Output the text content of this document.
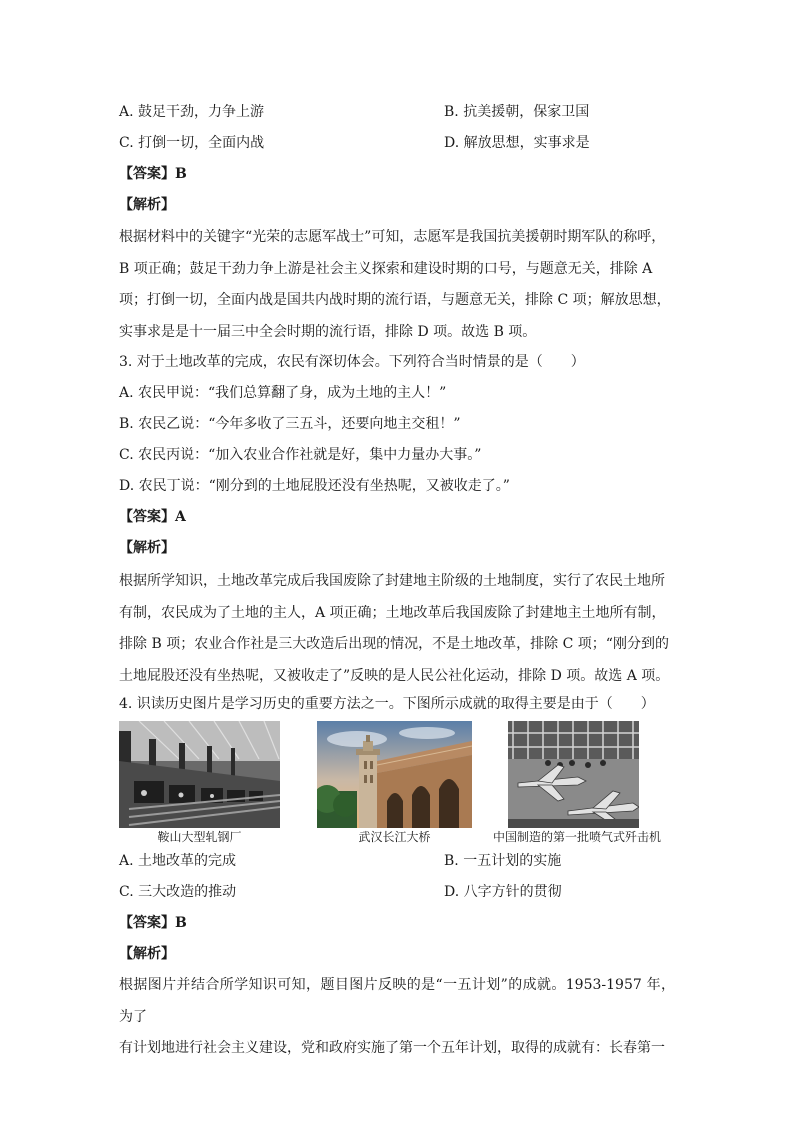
A. 鼓足干劲，力争上游	B. 抗美援朝，保家卫国
C. 打倒一切，全面内战	D. 解放思想，实事求是
【答案】B
【解析】
根据材料中的关键字“光荣的志愿军战士”可知，志愿军是我国抗美援朝时期军队的称呼，
B 项正确；鼓足干劲力争上游是社会主义探索和建设时期的口号，与题意无关，排除 A
项；打倒一切，全面内战是国共内战时期的流行语，与题意无关，排除 C 项；解放思想，
实事求是是十一届三中全会时期的流行语，排除 D 项。故选 B 项。
3. 对于土地改革的完成，农民有深切体会。下列符合当时情景的是（　　）
A. 农民甲说：“我们总算翻了身，成为土地的主人！”
B. 农民乙说：“今年多收了三五斗，还要向地主交租！”
C. 农民丙说：“加入农业合作社就是好，集中力量办大事。”
D. 农民丁说：“刚分到的土地屁股还没有坐热呢，又被收走了。”
【答案】A
【解析】
根据所学知识，土地改革完成后我国废除了封建地主阶级的土地制度，实行了农民土地所
有制，农民成为了土地的主人，A 项正确；土地改革后我国废除了封建地主土地所有制，
排除 B 项；农业合作社是三大改造后出现的情况，不是土地改革，排除 C 项；“刚分到的
土地屁股还没有坐热呢，又被收走了”反映的是人民公社化运动，排除 D 项。故选 A 项。
4. 识读历史图片是学习历史的重要方法之一。下图所示成就的取得主要是由于（　　）
鞍山大型轧钢厂	武汉长江大桥	中国制造的第一批喷气式歼击机
A. 土地改革的完成	B. 一五计划的实施
C. 三大改造的推动	D. 八字方针的贯彻
【答案】B
【解析】
根据图片并结合所学知识可知，题目图片反映的是“一五计划”的成就。1953-1957 年，为了
有计划地进行社会主义建设，党和政府实施了第一个五年计划，取得的成就有：长春第一
